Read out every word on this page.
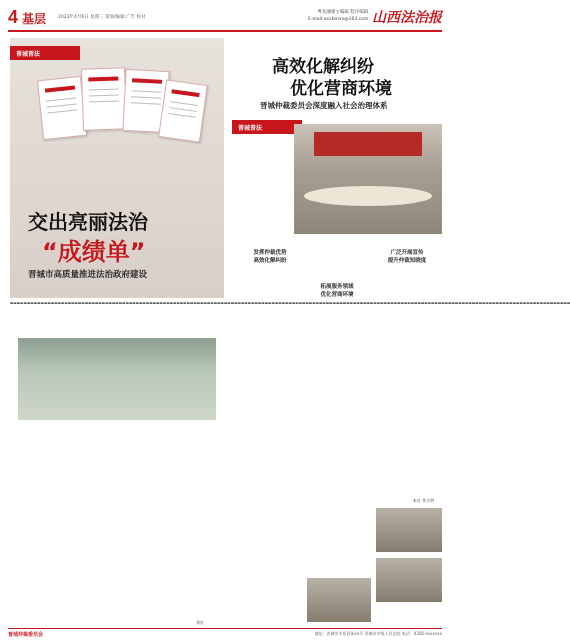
4 基层	2023年4月6日 星期三 策划/编辑:广告 校对
粤北融媒主编辑 程序编辑
E-mail:xxxbmxx@163.com 山西法治报
普城普法
交出亮丽法治
“成绩单”
晋城市高质量推进法治政府建设
▬▬▬▬▬▬▬▬▬▬▬▬▬▬▬▬▬▬▬▬▬▬▬▬▬▬▬▬▬▬▬▬▬▬▬▬▬▬▬▬▬▬▬▬▬▬▬▬▬▬▬▬▬▬▬▬▬▬▬▬▬▬▬▬▬▬▬▬▬▬▬▬▬▬▬▬▬▬▬▬▬▬▬▬▬▬▬▬▬▬▬▬▬▬▬▬▬▬▬▬▬▬▬▬▬▬▬▬▬▬▬▬▬▬▬▬▬▬▬▬▬▬▬▬▬▬▬▬▬▬▬▬▬▬▬▬▬▬▬▬▬▬▬▬▬▬▬▬▬▬▬▬▬▬▬▬▬▬▬▬▬▬▬▬▬
刘宏
高效化解纠纷
优化营商环境
晋城仲裁委员会深度融入社会治理体系
普城普法
发挥仲裁优势
高效化解纠纷
拓展服务领域
优化营商环境
广泛开展宣传
提升仲裁知晓度
本社 李立明
普城仲裁委员会	地址：晋城市中原西街xx号 晋城市中级人民法院 电话：0356-xxxxxxx
